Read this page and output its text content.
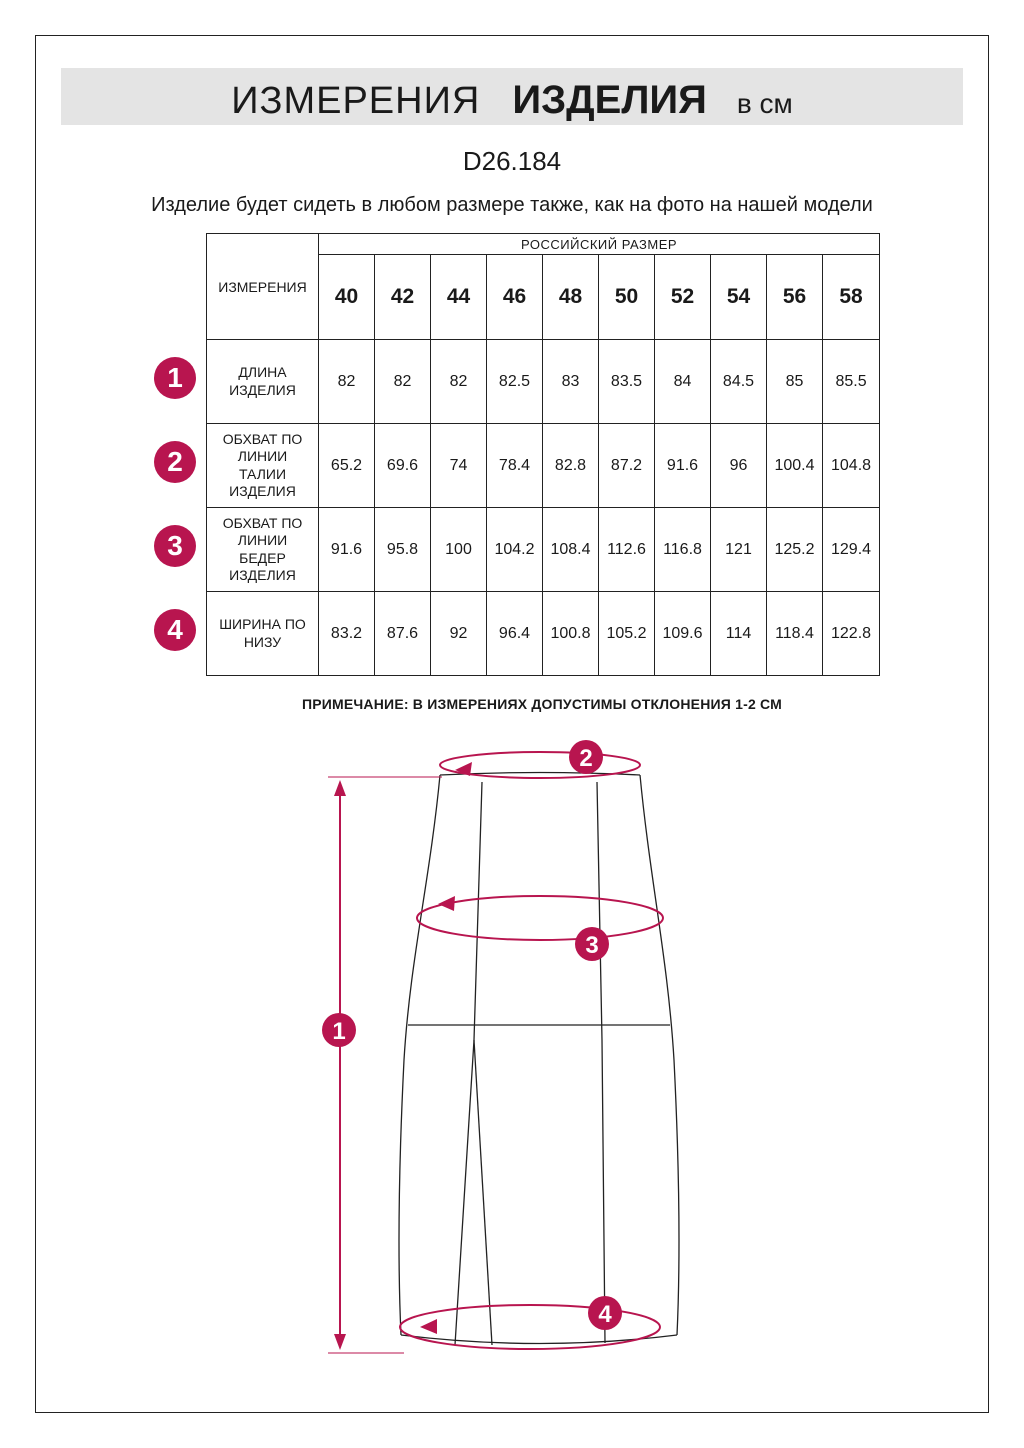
ИЗМЕРЕНИЯ ИЗДЕЛИЯ в см
D26.184
Изделие будет сидеть в любом размере также, как на фото на нашей модели
ИЗМЕРЕНИЯ	РОССИЙСКИЙ РАЗМЕР									
	40	42	44	46	48	50	52	54	56	58
ДЛИНА
ИЗДЕЛИЯ	82	82	82	82.5	83	83.5	84	84.5	85	85.5
ОБХВАТ ПО
ЛИНИИ
ТАЛИИ
ИЗДЕЛИЯ	65.2	69.6	74	78.4	82.8	87.2	91.6	96	100.4	104.8
ОБХВАТ ПО
ЛИНИИ
БЕДЕР
ИЗДЕЛИЯ	91.6	95.8	100	104.2	108.4	112.6	116.8	121	125.2	129.4
ШИРИНА ПО
НИЗУ	83.2	87.6	92	96.4	100.8	105.2	109.6	114	118.4	122.8
1
2
3
4
ПРИМЕЧАНИЕ: В ИЗМЕРЕНИЯХ ДОПУСТИМЫ ОТКЛОНЕНИЯ 1-2 СМ
1
2
3
4
